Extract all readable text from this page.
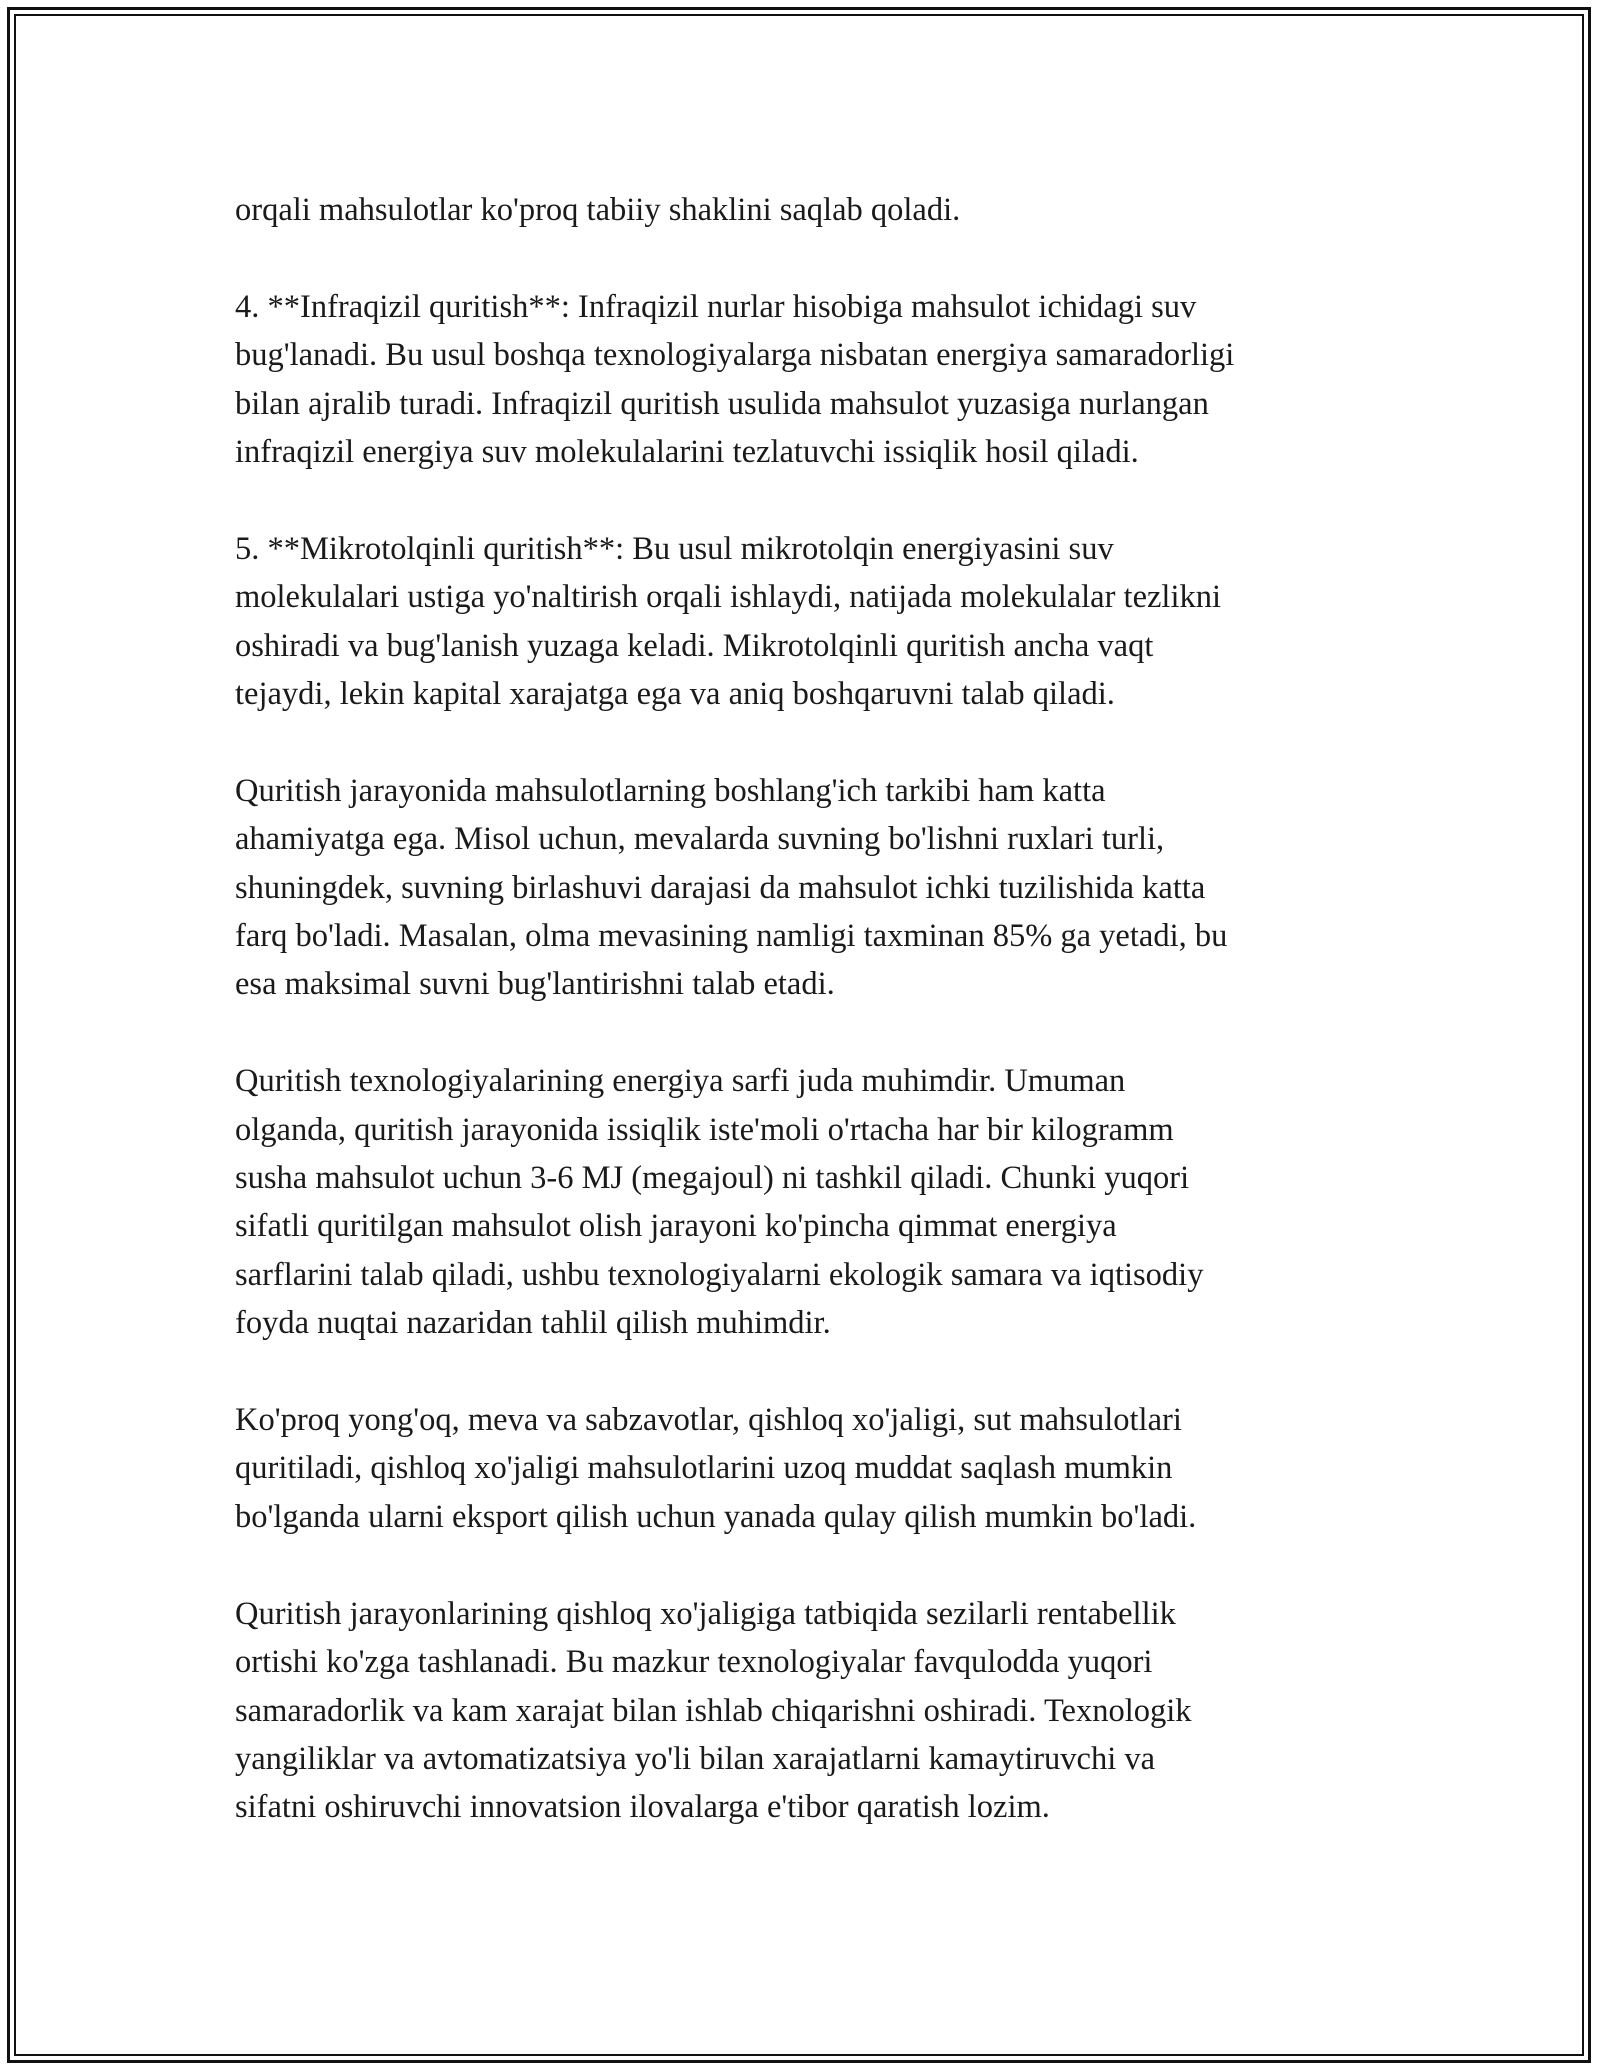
orqali mahsulotlar ko'proq tabiiy shaklini saqlab qoladi.

4. **Infraqizil quritish**: Infraqizil nurlar hisobiga mahsulot ichidagi suv
bug'lanadi. Bu usul boshqa texnologiyalarga nisbatan energiya samaradorligi
bilan ajralib turadi. Infraqizil quritish usulida mahsulot yuzasiga nurlangan
infraqizil energiya suv molekulalarini tezlatuvchi issiqlik hosil qiladi.

5. **Mikrotolqinli quritish**: Bu usul mikrotolqin energiyasini suv
molekulalari ustiga yo'naltirish orqali ishlaydi, natijada molekulalar tezlikni
oshiradi va bug'lanish yuzaga keladi. Mikrotolqinli quritish ancha vaqt
tejaydi, lekin kapital xarajatga ega va aniq boshqaruvni talab qiladi.

Quritish jarayonida mahsulotlarning boshlang'ich tarkibi ham katta
ahamiyatga ega. Misol uchun, mevalarda suvning bo'lishni ruxlari turli,
shuningdek, suvning birlashuvi darajasi da mahsulot ichki tuzilishida katta
farq bo'ladi. Masalan, olma mevasining namligi taxminan 85% ga yetadi, bu
esa maksimal suvni bug'lantirishni talab etadi.

Quritish texnologiyalarining energiya sarfi juda muhimdir. Umuman
olganda, quritish jarayonida issiqlik iste'moli o'rtacha har bir kilogramm
susha mahsulot uchun 3-6 MJ (megajoul) ni tashkil qiladi. Chunki yuqori
sifatli quritilgan mahsulot olish jarayoni ko'pincha qimmat energiya
sarflarini talab qiladi, ushbu texnologiyalarni ekologik samara va iqtisodiy
foyda nuqtai nazaridan tahlil qilish muhimdir.

Ko'proq yong'oq, meva va sabzavotlar, qishloq xo'jaligi, sut mahsulotlari
quritiladi, qishloq xo'jaligi mahsulotlarini uzoq muddat saqlash mumkin
bo'lganda ularni eksport qilish uchun yanada qulay qilish mumkin bo'ladi.

Quritish jarayonlarining qishloq xo'jaligiga tatbiqida sezilarli rentabellik
ortishi ko'zga tashlanadi. Bu mazkur texnologiyalar favqulodda yuqori
samaradorlik va kam xarajat bilan ishlab chiqarishni oshiradi. Texnologik
yangiliklar va avtomatizatsiya yo'li bilan xarajatlarni kamaytiruvchi va
sifatni oshiruvchi innovatsion ilovalarga e'tibor qaratish lozim.
